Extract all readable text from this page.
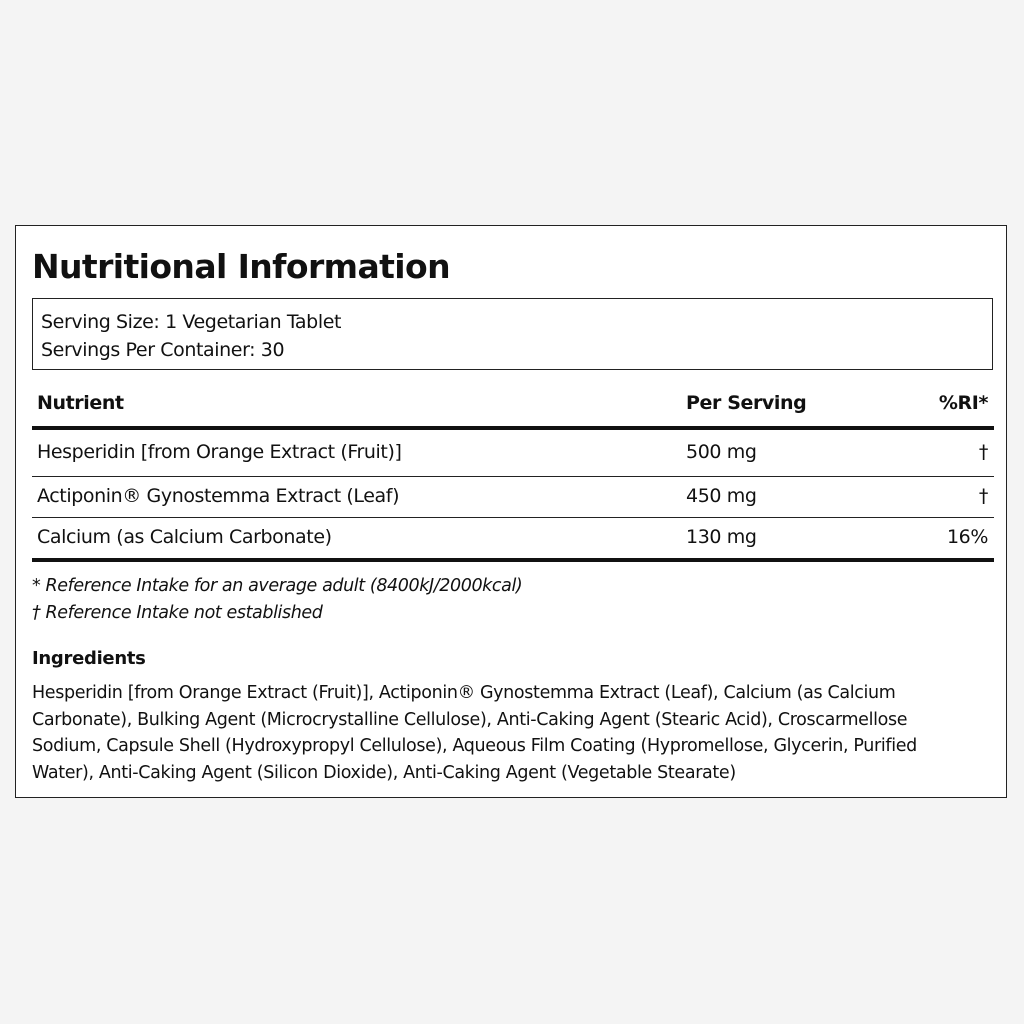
Nutritional Information
Serving Size: 1 Vegetarian Tablet
Servings Per Container: 30
Nutrient	Per Serving	%RI*
Hesperidin [from Orange Extract (Fruit)]	500 mg	†
Actiponin® Gynostemma Extract (Leaf)	450 mg	†
Calcium (as Calcium Carbonate)	130 mg	16%
* Reference Intake for an average adult (8400kJ/2000kcal)
† Reference Intake not established
Ingredients
Hesperidin [from Orange Extract (Fruit)], Actiponin® Gynostemma Extract (Leaf), Calcium (as Calcium Carbonate), Bulking Agent (Microcrystalline Cellulose), Anti-Caking Agent (Stearic Acid), Croscarmellose Sodium, Capsule Shell (Hydroxypropyl Cellulose), Aqueous Film Coating (Hypromellose, Glycerin, Purified Water), Anti-Caking Agent (Silicon Dioxide), Anti-Caking Agent (Vegetable Stearate)
